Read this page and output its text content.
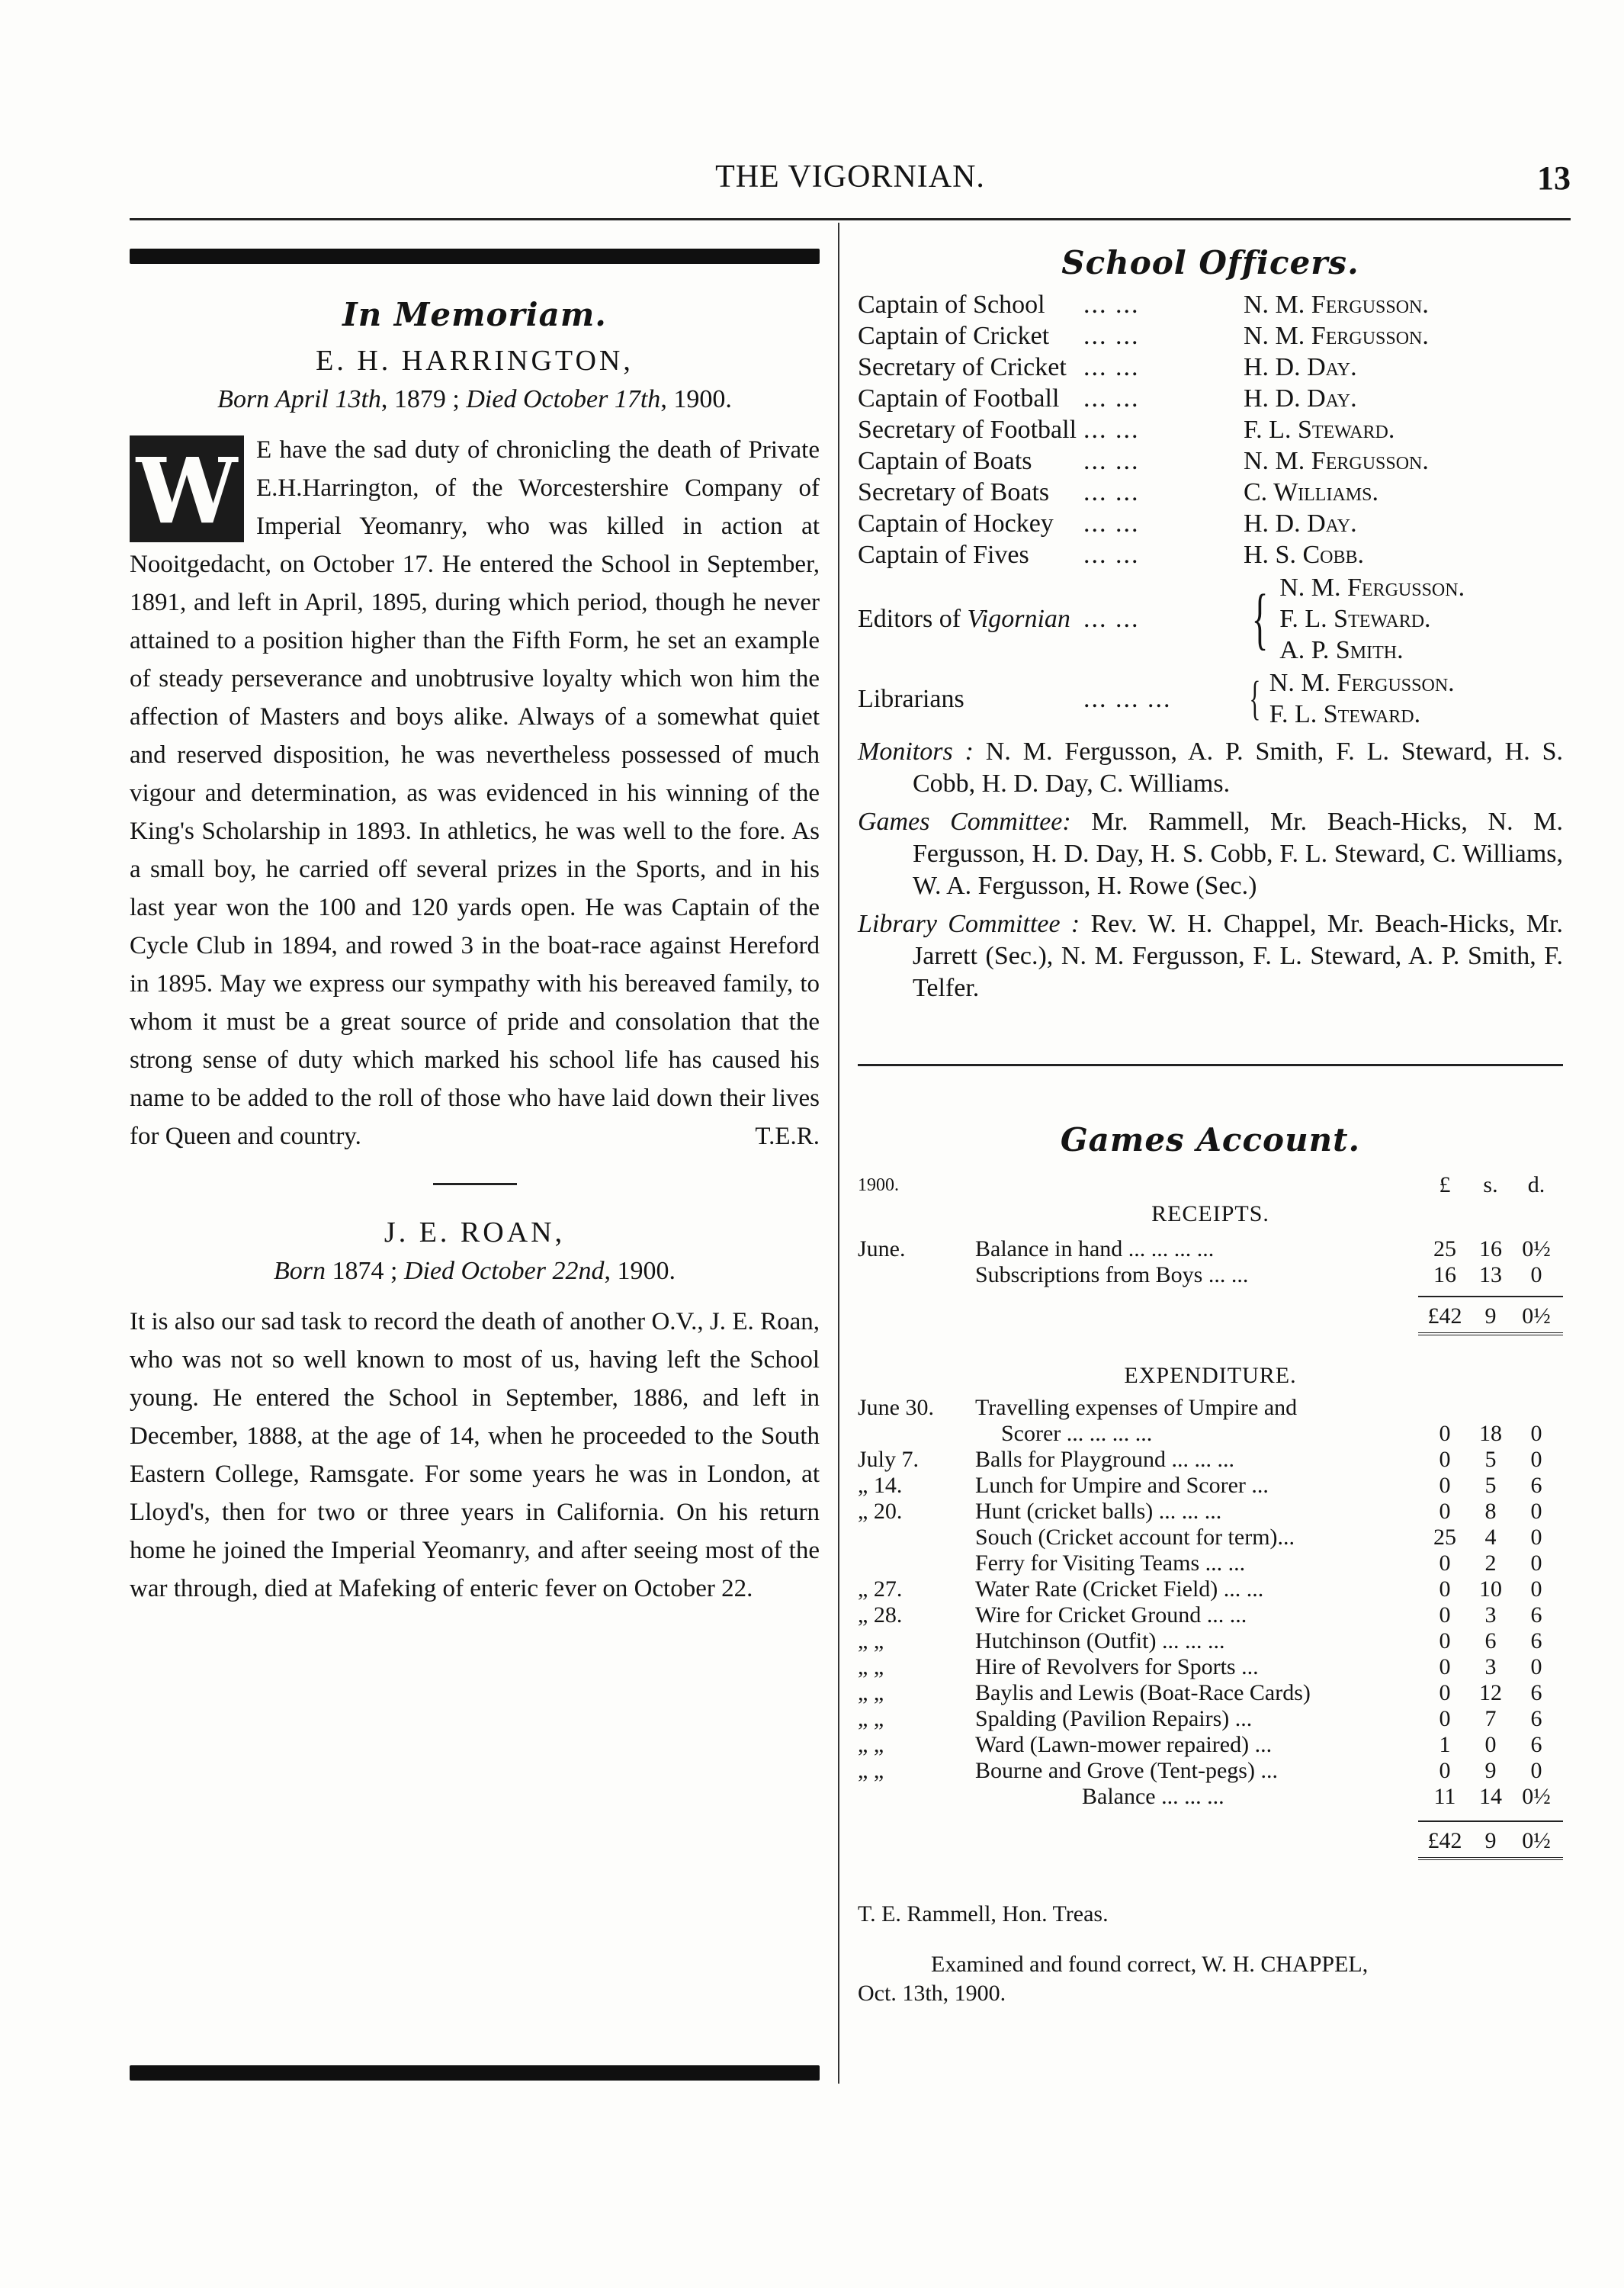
THE VIGORNIAN.	13
In Memoriam.
E. H. HARRINGTON,
Born April 13th, 1879 ; Died October 17th, 1900.
W E have the sad duty of chronicling the death of Private E.H.Harrington, of the Worcestershire Company of Imperial Yeomanry, who was killed in action at Nooitgedacht, on October 17. He entered the School in September, 1891, and left in April, 1895, during which period, though he never attained to a position higher than the Fifth Form, he set an example of steady perseverance and unobtrusive loyalty which won him the affection of Masters and boys alike. Always of a somewhat quiet and reserved disposition, he was nevertheless possessed of much vigour and determination, as was evidenced in his winning of the King's Scholarship in 1893. In athletics, he was well to the fore. As a small boy, he carried off several prizes in the Sports, and in his last year won the 100 and 120 yards open. He was Captain of the Cycle Club in 1894, and rowed 3 in the boat-race against Hereford in 1895. May we express our sympathy with his bereaved family, to whom it must be a great source of pride and consolation that the strong sense of duty which marked his school life has caused his name to be added to the roll of those who have laid down their lives for Queen and country.	T.E.R.

J. E. ROAN,
Born 1874 ; Died October 22nd, 1900.

It is also our sad task to record the death of another O.V., J. E. Roan, who was not so well known to most of us, having left the School young. He entered the School in September, 1886, and left in December, 1888, at the age of 14, when he proceeded to the South Eastern College, Ramsgate. For some years he was in London, at Lloyd's, then for two or three years in California. On his return home he joined the Imperial Yeomanry, and after seeing most of the war through, died at Mafeking of enteric fever on October 22.

School Officers.
Captain of School	... ...	N. M. Fergusson.
Captain of Cricket	... ...	N. M. Fergusson.
Secretary of Cricket ... ...	H. D. Day.
Captain of Football ... ...	H. D. Day.
Secretary of Football ... ...	F. L. Steward.
Captain of Boats	... ...	N. M. Fergusson.
Secretary of Boats	... ...	C. Williams.
Captain of Hockey	... ...	H. D. Day.
Captain of Fives	... ...	H. S. Cobb.
Editors of Vigornian ... ...	{ N. M. Fergusson.
F. L. Steward.
A. P. Smith.
Librarians	... ... ...	{ N. M. Fergusson.
F. L. Steward.

Monitors : N. M. Fergusson, A. P. Smith, F. L. Steward, H. S. Cobb, H. D. Day, C. Williams.

Games Committee: Mr. Rammell, Mr. Beach-Hicks, N. M. Fergusson, H. D. Day, H. S. Cobb, F. L. Steward, C. Williams, W. A. Fergusson, H. Rowe (Sec.)

Library Committee : Rev. W. H. Chappel, Mr. Beach-Hicks, Mr. Jarrett (Sec.), N. M. Fergusson, F. L. Steward, A. P. Smith, F. Telfer.

Games Account.
1900.	£	s.	d.
RECEIPTS.
June.	Balance in hand ... ... ... ...	25	16 0½
Subscriptions from Boys ... ...	16	13	0
£42	9	0½
EXPENDITURE.
June 30.	Travelling expenses of Umpire and
Scorer ... ... ... ...	0	18	0
July 7.	Balls for Playground ... ... ...	0	5	0
„ 14.	Lunch for Umpire and Scorer ...	0	5	6
„ 20.	Hunt (cricket balls) ... ... ...	0	8	0
Souch (Cricket account for term)...	25	4	0
Ferry for Visiting Teams ... ...	0	2	0
„ 27.	Water Rate (Cricket Field) ... ...	0	10	0
„ 28.	Wire for Cricket Ground ... ...	0	3	6
„ „	Hutchinson (Outfit) ... ... ...	0	6	6
„ „	Hire of Revolvers for Sports ...	0	3	0
„ „	Baylis and Lewis (Boat-Race Cards)	0	12	6
„ „	Spalding (Pavilion Repairs) ...	0	7	6
„ „	Ward (Lawn-mower repaired) ...	1	0	6
„ „	Bourne and Grove (Tent-pegs) ...	0	9	0
Balance ... ... ...	11	14 0½
£42	9	0½
T. E. Rammell, Hon. Treas.
Examined and found correct, W. H. CHAPPEL,
Oct. 13th, 1900.
